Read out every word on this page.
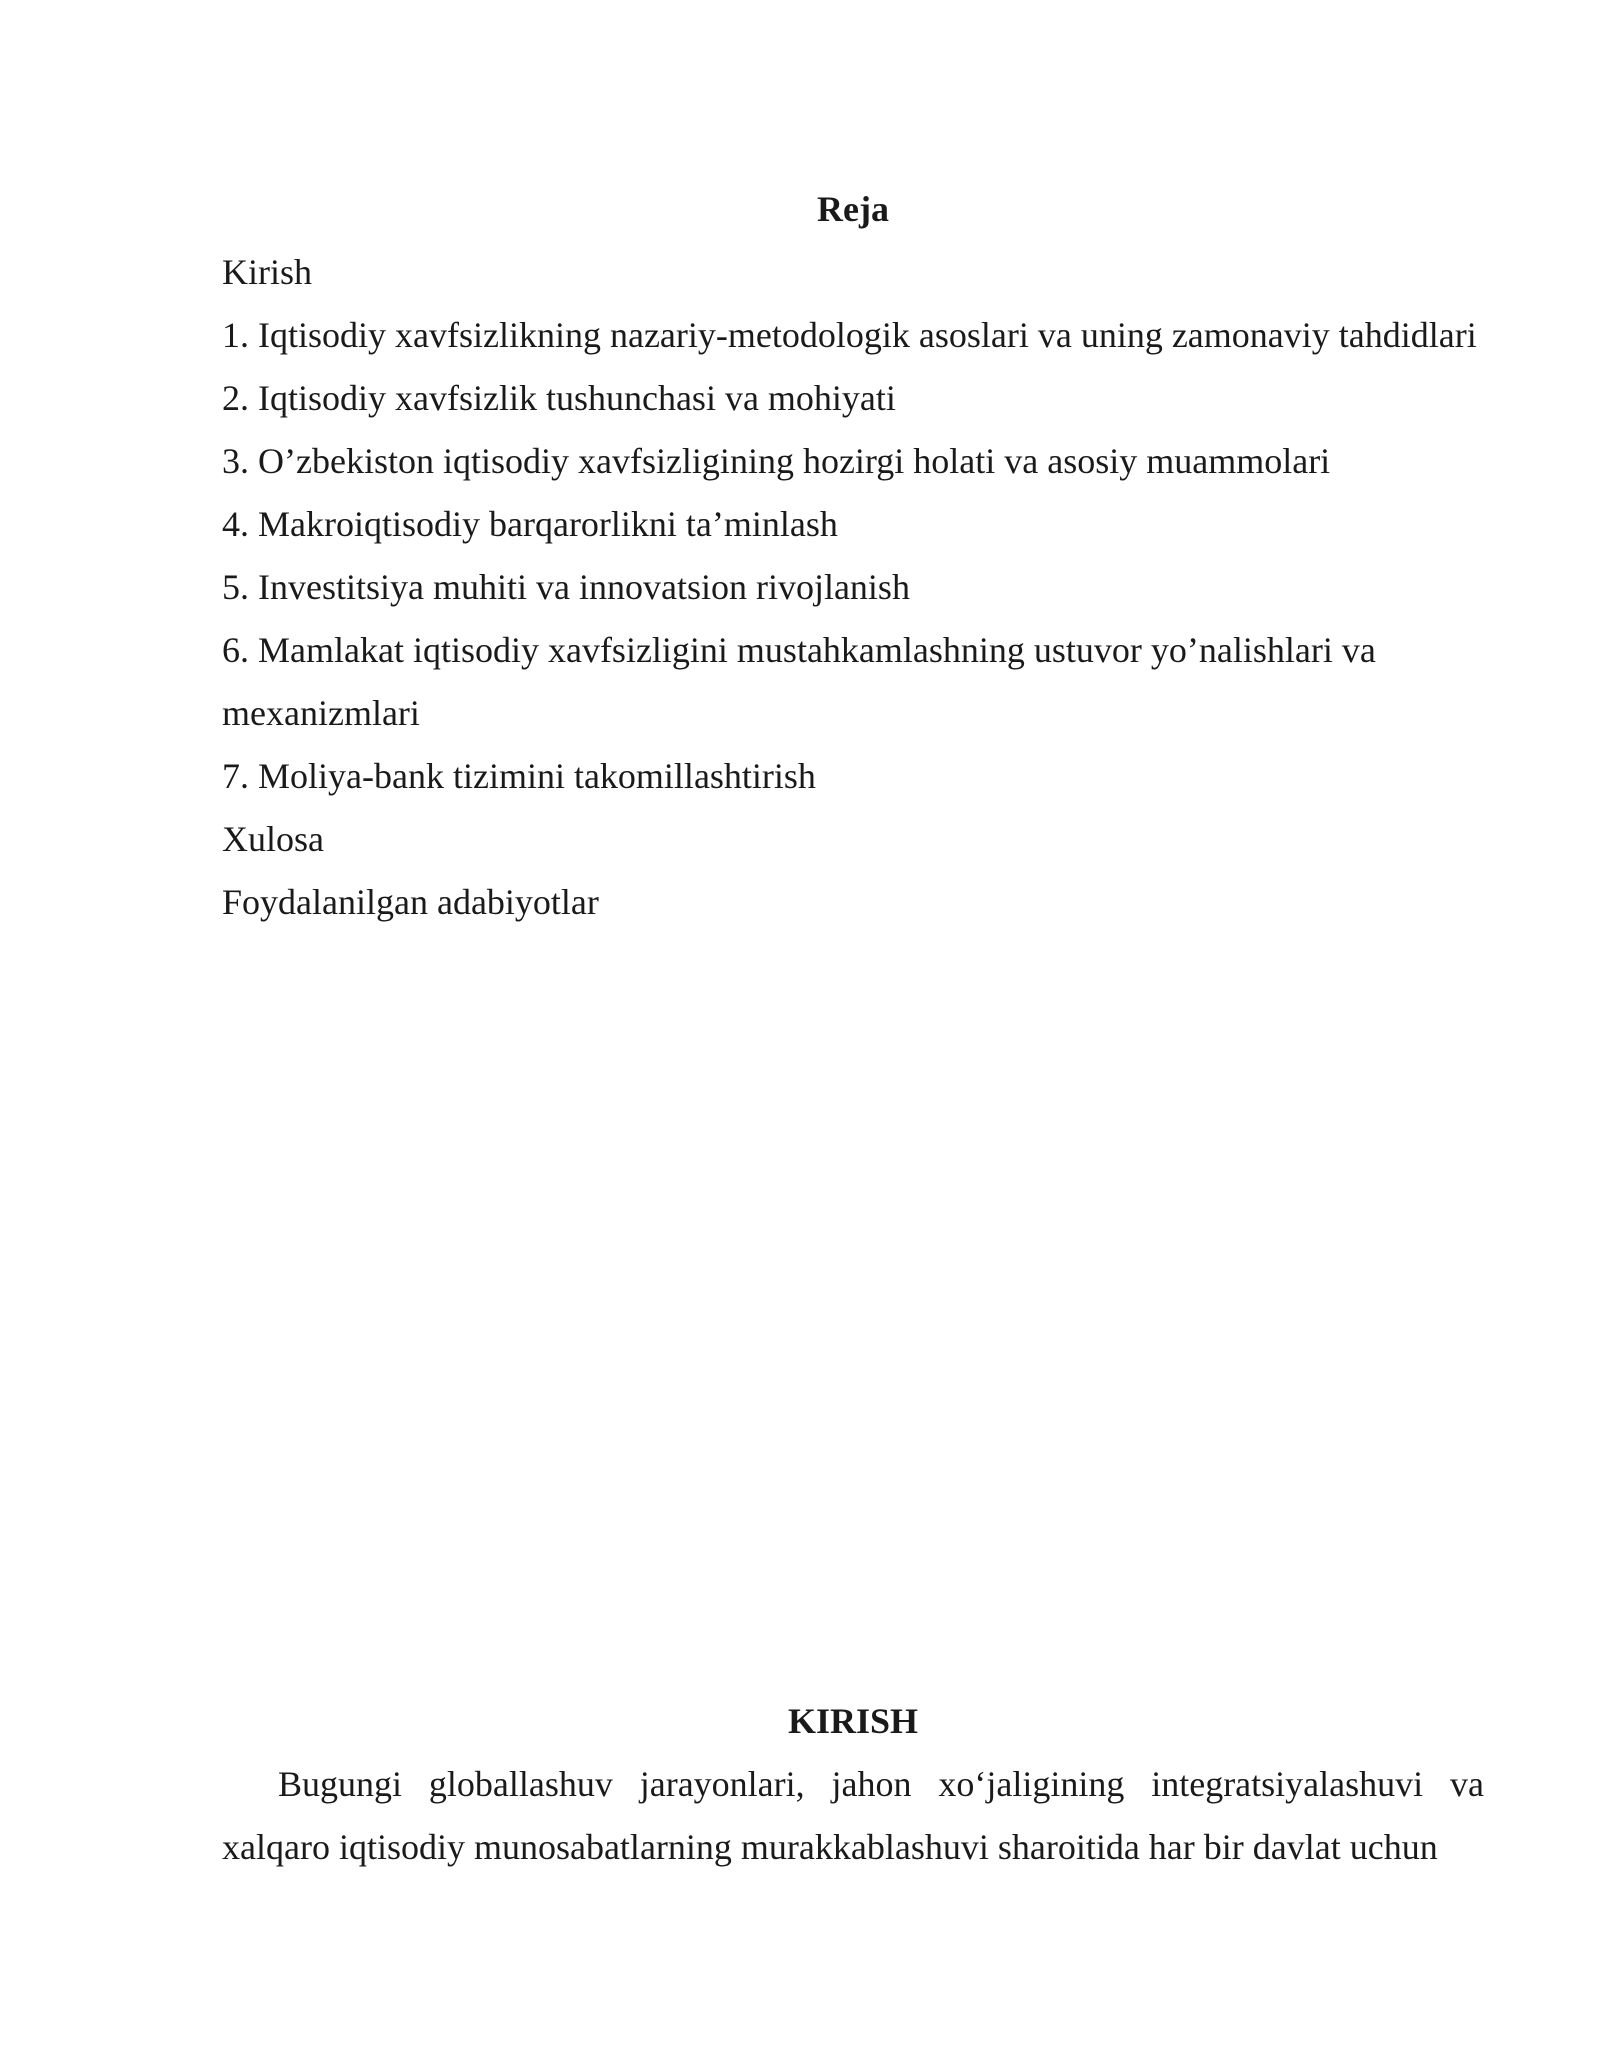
Reja
Kirish
1. Iqtisodiy xavfsizlikning nazariy-metodologik asoslari va uning zamonaviy tahdidlari
2. Iqtisodiy xavfsizlik tushunchasi va mohiyati
3. O’zbekiston iqtisodiy xavfsizligining hozirgi holati va asosiy muammolari
4. Makroiqtisodiy barqarorlikni ta’minlash
5. Investitsiya muhiti va innovatsion rivojlanish
6. Mamlakat iqtisodiy xavfsizligini mustahkamlashning ustuvor yo’nalishlari va mexanizmlari
7. Moliya-bank tizimini takomillashtirish
Xulosa
Foydalanilgan adabiyotlar
KIRISH

Bugungi globallashuv jarayonlari, jahon xo‘jaligining integratsiyalashuvi va xalqaro iqtisodiy munosabatlarning murakkablashuvi sharoitida har bir davlat uchun
